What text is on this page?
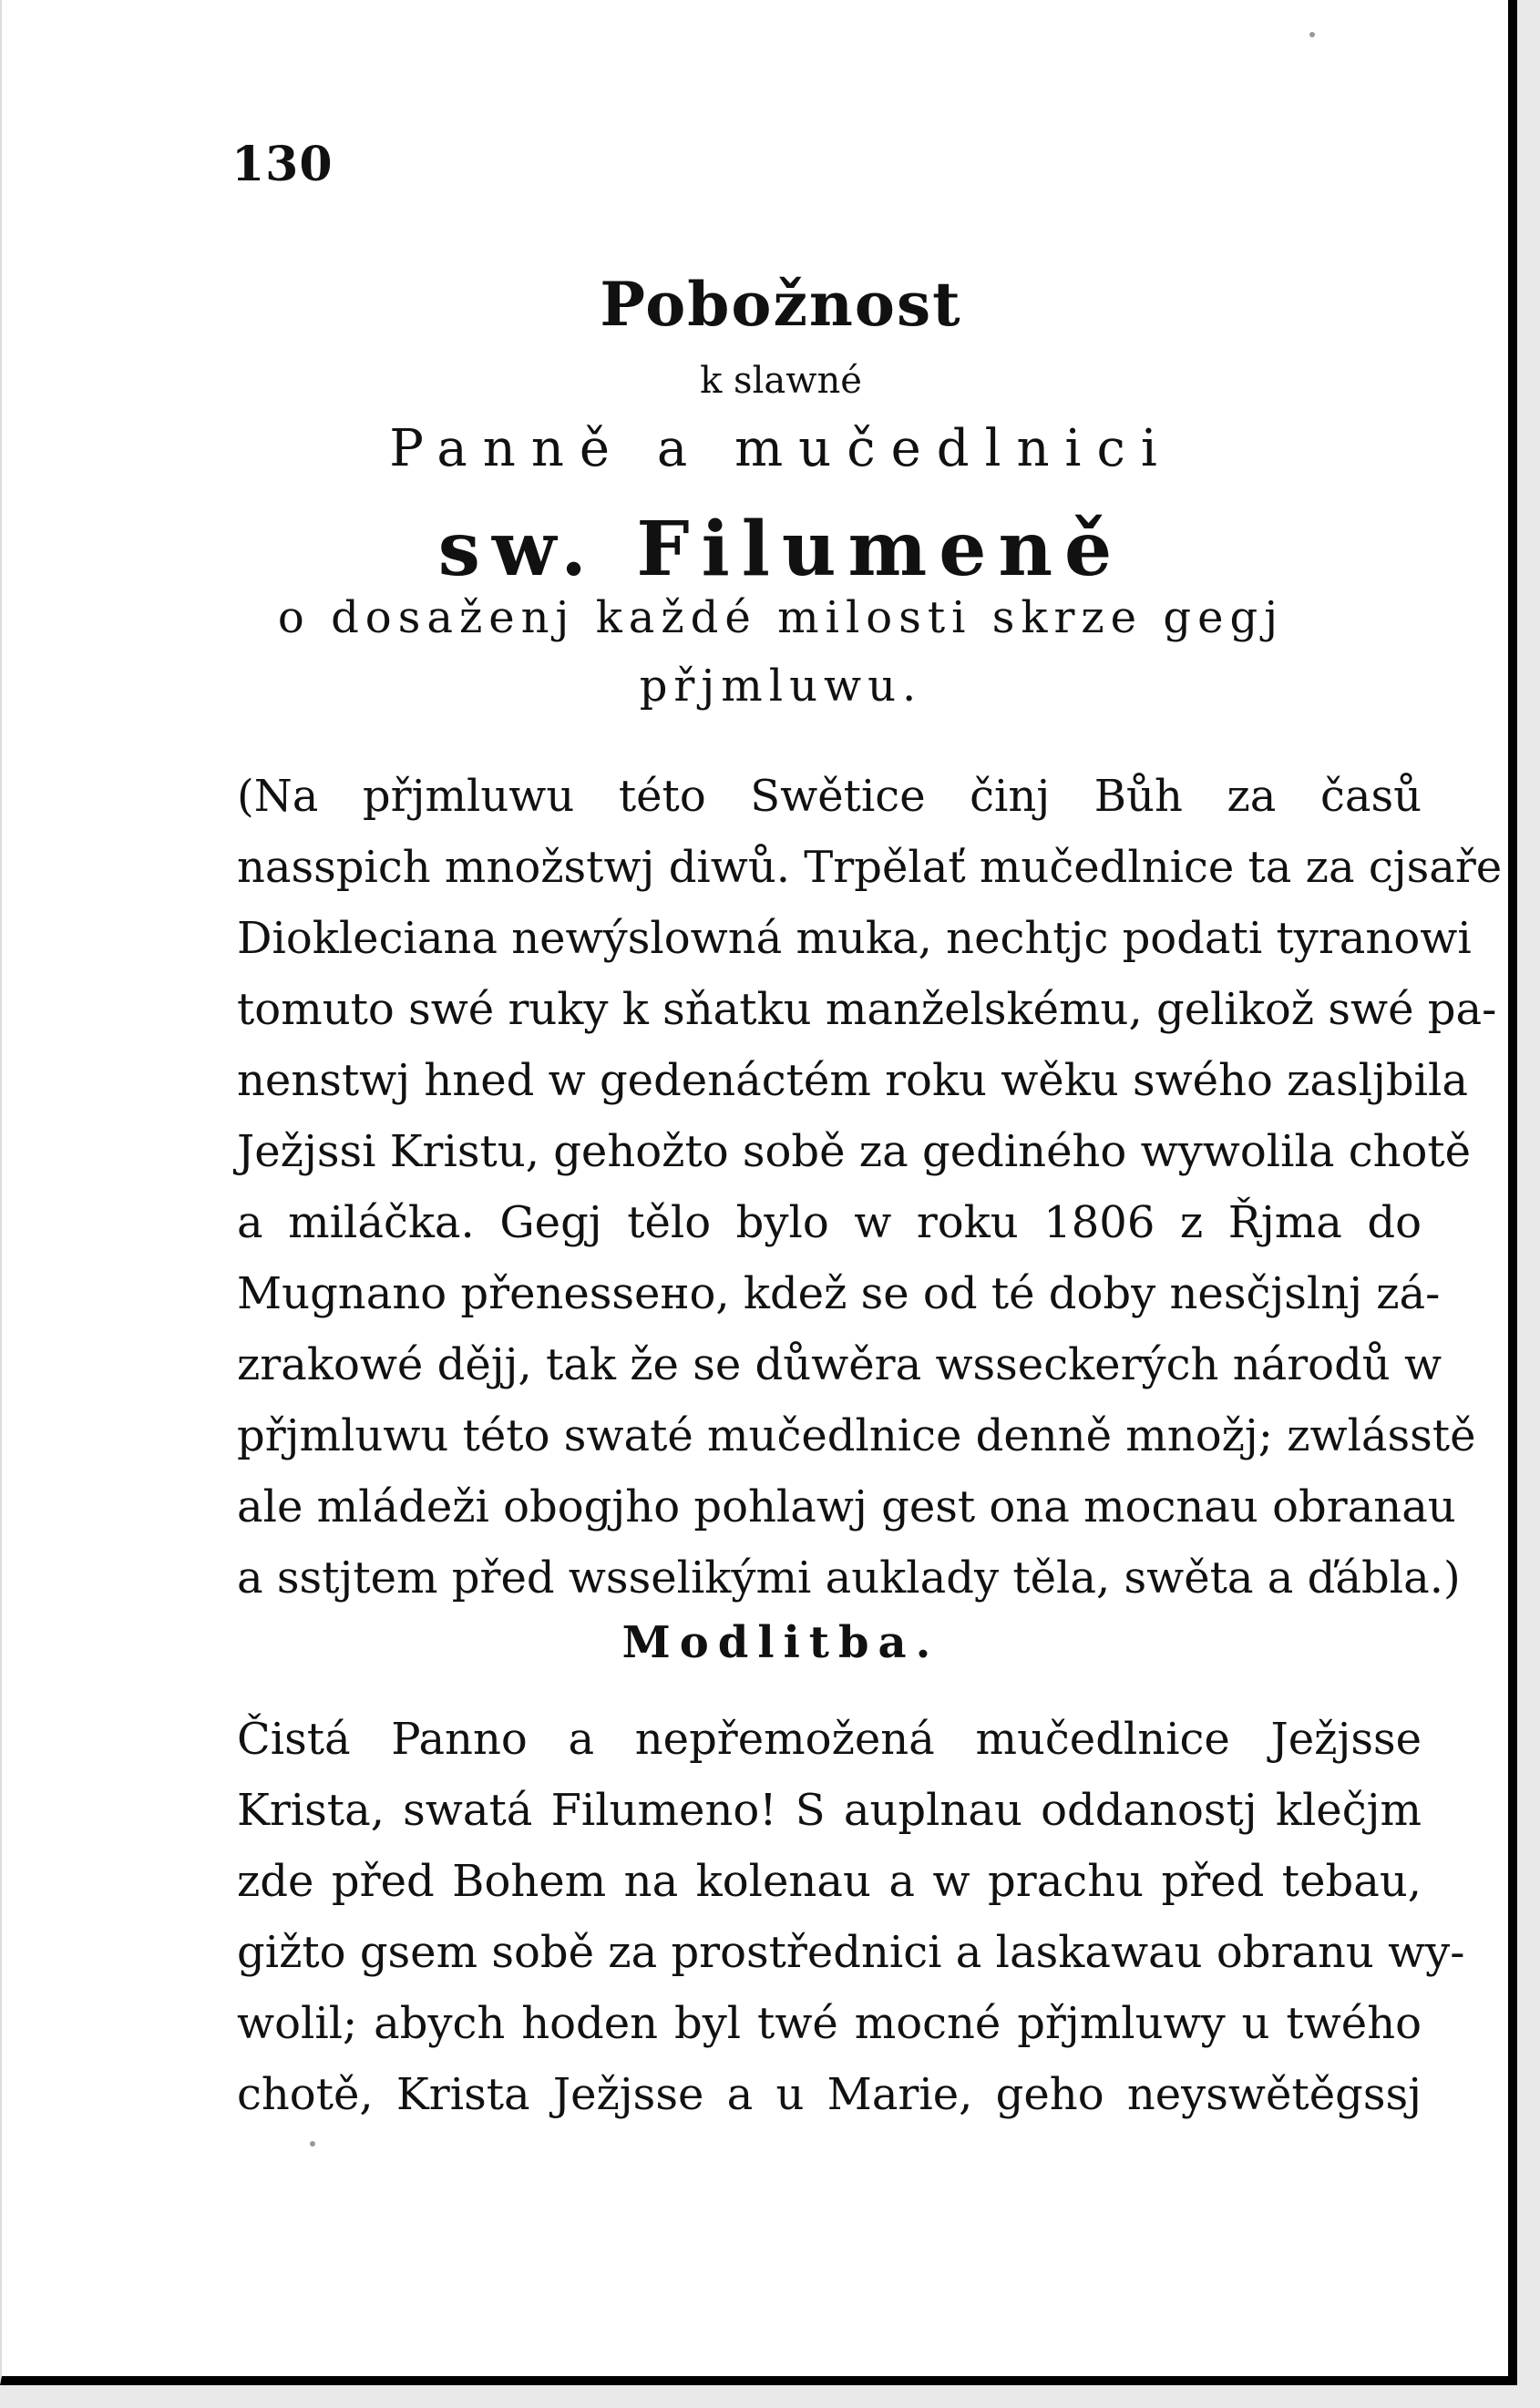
130
Pobožnost
k slawné
Panně a mučedlnici
sw. Filumeně
o dosaženj každé milosti skrze gegj
přjmluwu.
(Na přjmluwu této Swětice činj Bůh za časů
nasspich množstwj diwů. Trpělať mučedlnice ta za cjsaře
Diokleciana newýslowná muka, nechtjc podati tyranowi
tomuto swé ruky k sňatku manželskému, gelikož swé pa-
nenstwj hned w gedenáctém roku wěku swého zasljbila
Ježjssi Kristu, gehožto sobě za gediného wywolila chotě
a miláčka. Gegj tělo bylo w roku 1806 z Řjma do
Mugnano přenessено, kdež se od té doby nesčjslnj zá-
zrakowé dějj, tak že se důwěra wsseckerých národů w
přjmluwu této swaté mučedlnice denně množj; zwlásstě
ale mládeži obogjho pohlawj gest ona mocnau obranau
a sstjtem před wsselikými auklady těla, swěta a ďábla.)
Modlitba.
Čistá Panno a nepřemožená mučedlnice Ježjsse
Krista, swatá Filumeno! S auplnau oddanostj klečjm
zde před Bohem na kolenau a w prachu před tebau,
gižto gsem sobě za prostřednici a laskawau obranu wy-
wolil; abych hoden byl twé mocné přjmluwy u twého
chotě, Krista Ježjsse a u Marie, geho neyswětěgssj
